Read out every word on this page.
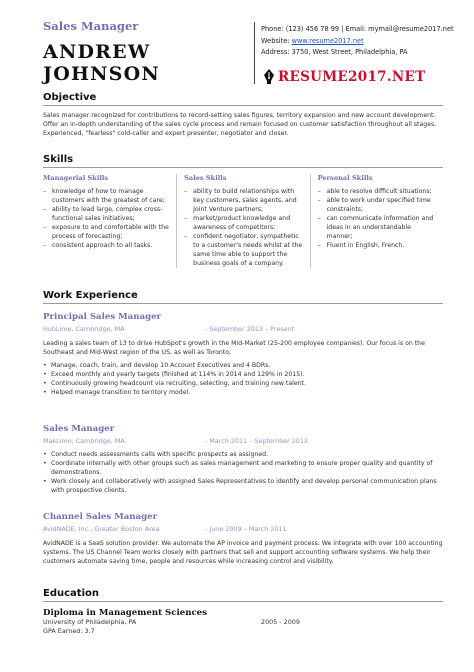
Sales Manager
ANDREW JOHNSON
Phone: (123) 456 78 99 | Email: mymail@resume2017.net
Website: www.resume2017.net
Address: 3750, West Street, Philadelphia, PA
RESUME2017.NET
Objective
Sales manager recognized for contributions to record-setting sales figures, territory expansion and new account development. Offer an in-depth understanding of the sales cycle process and remain focused on customer satisfaction throughout all stages. Experienced, "fearless" cold-caller and expert presenter, negotiator and closer.
Skills
Managerial Skills
– knowledge of how to manage customers with the greatest of care;
– ability to lead large, complex cross-functional sales initiatives;
– exposure to and comfortable with the process of forecasting;
– consistent approach to all tasks.
Sales Skills
– ability to build relationships with key customers, sales agents, and Joint Venture partners;
– market/product knowledge and awareness of competitors;
– confident negotiator, sympathetic to a customer's needs whilst at the same time able to support the business goals of a company.
Personal Skills
– able to resolve difficult situations;
– able to work under specified time constraints;
– can communicate information and ideas in an understandable manner;
– Fluent in English, French.
Work Experience
Principal Sales Manager
HubLime, Cambridge, MA	- September 2013 – Present
Leading a sales team of 13 to drive HubSpot's growth in the Mid-Market (25-200 employee companies). Our focus is on the Southeast and Mid-West region of the US, as well as Toronto;
• Manage, coach, train, and develop 10 Account Executives and 4 BDRs.
• Exceed monthly and yearly targets (finished at 114% in 2014 and 129% in 2015).
• Continuously growing headcount via recruiting, selecting, and training new talent.
• Helped manage transition to territory model.
Sales Manager
MakLimo, Cambridge, MA	- March 2011 – September 2013
• Conduct needs assessments calls with specific prospects as assigned.
• Coordinate internally with other groups such as sales management and marketing to ensure proper quality and quantity of demonstrations.
• Work closely and collaboratively with assigned Sales Representatives to identify and develop personal communication plans with prospective clients.
Channel Sales Manager
AvidNADE, Inc., Greater Boston Area	- June 2009 – March 2011
AvidNADE is a SaaS solution provider. We automate the AP invoice and payment process. We integrate with over 100 accounting systems. The US Channel Team works closely with partners that sell and support accounting software systems. We help their customers automate saving time, people and resources while increasing control and visibility.
Education
Diploma in Management Sciences
University of Philadelphia, PA	2005 - 2009
GPA Earned: 3.7
